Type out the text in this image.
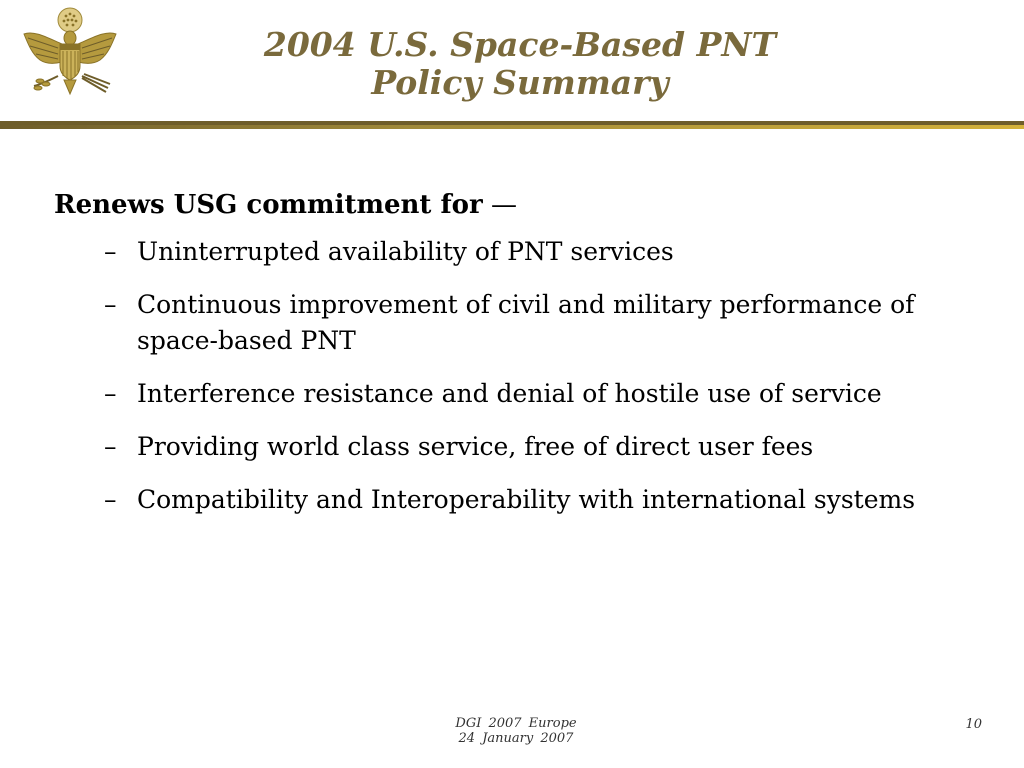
2004 U.S. Space-Based PNT
Policy Summary
Renews USG commitment for —
– Uninterrupted availability of PNT services
– Continuous improvement of civil and military performance of space-based PNT
– Interference resistance and denial of hostile use of service
– Providing world class service, free of direct user fees
– Compatibility and Interoperability with international systems
DGI 2007 Europe
24 January 2007
10
